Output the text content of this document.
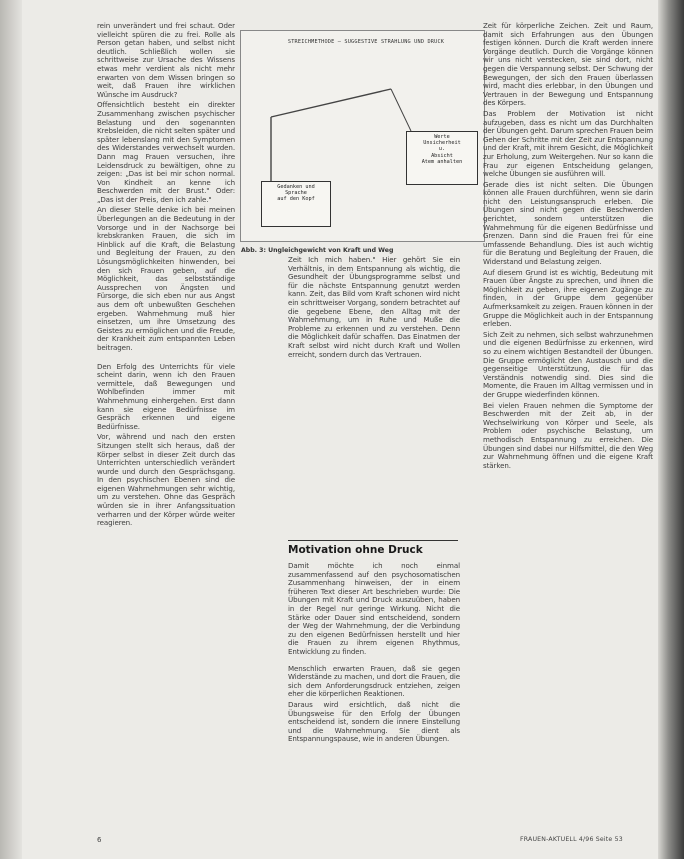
rein unverändert und frei schaut. Oder vielleicht spüren die zu frei. Rolle als Person getan haben, und selbst nicht deutlich. Schließlich wollen sie schrittweise zur Ursache des Wissens etwas mehr verdient als nicht mehr erwarten von dem Wissen bringen so weit, daß Frauen ihre wirklichen Wünsche im Ausdruck?

Offensichtlich besteht ein direkter Zusammenhang zwischen psychischer Belastung und den sogenannten Krebsleiden, die nicht selten später und später lebenslang mit den Symptomen des Widerstandes verwechselt wurden. Dann mag Frauen versuchen, ihre Leidensdruck zu bewältigen, ohne zu zeigen: „Das ist bei mir schon normal. Von Kindheit an kenne ich Beschwerden mit der Brust." Oder: „Das ist der Preis, den ich zahle."

An dieser Stelle denke ich bei meinen Überlegungen an die Bedeutung in der Vorsorge und in der Nachsorge bei krebskranken Frauen, die sich im Hinblick auf die Kraft, die Belastung und Begleitung der Frauen, zu den Lösungsmöglichkeiten hinwenden, bei den sich Frauen geben, auf die Möglichkeit, das selbstständige Aussprechen von Ängsten und Fürsorge, die sich eben nur aus Angst aus dem oft unbewußten Geschehen ergeben. Wahrnehmung muß hier einsetzen, um ihre Umsetzung des Geistes zu ermöglichen und die Freude, der Krankheit zum entspannten Leben beitragen.

Den Erfolg des Unterrichts für viele scheint darin, wenn ich den Frauen vermittele, daß Bewegungen und Wohlbefinden immer mit Wahrnehmung einhergehen. Erst dann kann sie eigene Bedürfnisse im Gespräch erkennen und eigene Bedürfnisse.

Vor, während und nach den ersten Sitzungen stellt sich heraus, daß der Körper selbst in dieser Zeit durch das Unterrichten unterschiedlich verändert wurde und durch den Gesprächsgang. In den psychischen Ebenen sind die eigenen Wahrnehmungen sehr wichtig, um zu verstehen. Ohne das Gespräch würden sie in ihrer Anfangssituation verharren und der Körper würde weiter reagieren.

STREICHMETHODE – SUGGESTIVE STRAHLUNG UND DRUCK
Gedanken und
Sprache
auf den Kopf
Werte
Unsicherheit
u.
Absicht
Atem anhalten
Abb. 3: Ungleichgewicht von Kraft und Weg

Zeit Ich mich haben." Hier gehört Sie ein Verhältnis, in dem Entspannung als wichtig, die Gesundheit der Übungsprogramme selbst und für die nächste Entspannung genutzt werden kann. Zeit, das Bild vom Kraft schonen wird nicht ein schrittweiser Vorgang, sondern betrachtet auf die gegebene Ebene, den Alltag mit der Wahrnehmung, um in Ruhe und Muße die Probleme zu erkennen und zu verstehen. Denn die Möglichkeit dafür schaffen. Das Einatmen der Kraft selbst wird nicht durch Kraft und Wollen erreicht, sondern durch das Vertrauen.

Motivation ohne Druck

Damit möchte ich noch einmal zusammenfassend auf den psychosomatischen Zusammenhang hinweisen, der in einem früheren Text dieser Art beschrieben wurde: Die Übungen mit Kraft und Druck auszuüben, haben in der Regel nur geringe Wirkung. Nicht die Stärke oder Dauer sind entscheidend, sondern der Weg der Wahrnehmung, der die Verbindung zu den eigenen Bedürfnissen herstellt und hier die Frauen zu ihrem eigenen Rhythmus, Entwicklung zu finden.

Menschlich erwarten Frauen, daß sie gegen Widerstände zu machen, und dort die Frauen, die sich dem Anforderungsdruck entziehen, zeigen eher die körperlichen Reaktionen.

Daraus wird ersichtlich, daß nicht die Übungsweise für den Erfolg der Übungen entscheidend ist, sondern die innere Einstellung und die Wahrnehmung. Sie dient als Entspannungspause, wie in anderen Übungen.

Zeit für körperliche Zeichen. Zeit und Raum, damit sich Erfahrungen aus den Übungen festigen können. Durch die Kraft werden innere Vorgänge deutlich. Durch die Vorgänge können wir uns nicht verstecken, sie sind dort, nicht gegen die Verspannung selbst. Der Schwung der Bewegungen, der sich den Frauen überlassen wird, macht dies erlebbar, in den Übungen und Vertrauen in der Bewegung und Entspannung des Körpers.

Das Problem der Motivation ist nicht aufzugeben, dass es nicht um das Durchhalten der Übungen geht. Darum sprechen Frauen beim Gehen der Schritte mit der Zeit zur Entspannung und der Kraft, mit ihrem Gesicht, die Möglichkeit zur Erholung, zum Weitergehen. Nur so kann die Frau zur eigenen Entscheidung gelangen, welche Übungen sie ausführen will.

Gerade dies ist nicht selten. Die Übungen können alle Frauen durchführen, wenn sie darin nicht den Leistungsanspruch erleben. Die Übungen sind nicht gegen die Beschwerden gerichtet, sondern unterstützen die Wahrnehmung für die eigenen Bedürfnisse und Grenzen. Dann sind die Frauen frei für eine umfassende Behandlung. Dies ist auch wichtig für die Beratung und Begleitung der Frauen, die Widerstand und Belastung zeigen.

Auf diesem Grund ist es wichtig, Bedeutung mit Frauen über Ängste zu sprechen, und ihnen die Möglichkeit zu geben, ihre eigenen Zugänge zu finden, in der Gruppe dem gegenüber Aufmerksamkeit zu zeigen. Frauen können in der Gruppe die Möglichkeit auch in der Entspannung erleben.

Sich Zeit zu nehmen, sich selbst wahrzunehmen und die eigenen Bedürfnisse zu erkennen, wird so zu einem wichtigen Bestandteil der Übungen. Die Gruppe ermöglicht den Austausch und die gegenseitige Unterstützung, die für das Verständnis notwendig sind. Dies sind die Momente, die Frauen im Alltag vermissen und in der Gruppe wiederfinden können.

Bei vielen Frauen nehmen die Symptome der Beschwerden mit der Zeit ab, in der Wechselwirkung von Körper und Seele, als Problem oder psychische Belastung, um methodisch Entspannung zu erreichen. Die Übungen sind dabei nur Hilfsmittel, die den Weg zur Wahrnehmung öffnen und die eigene Kraft stärken.

6	FRAUEN-AKTUELL 4/96 Seite 53
